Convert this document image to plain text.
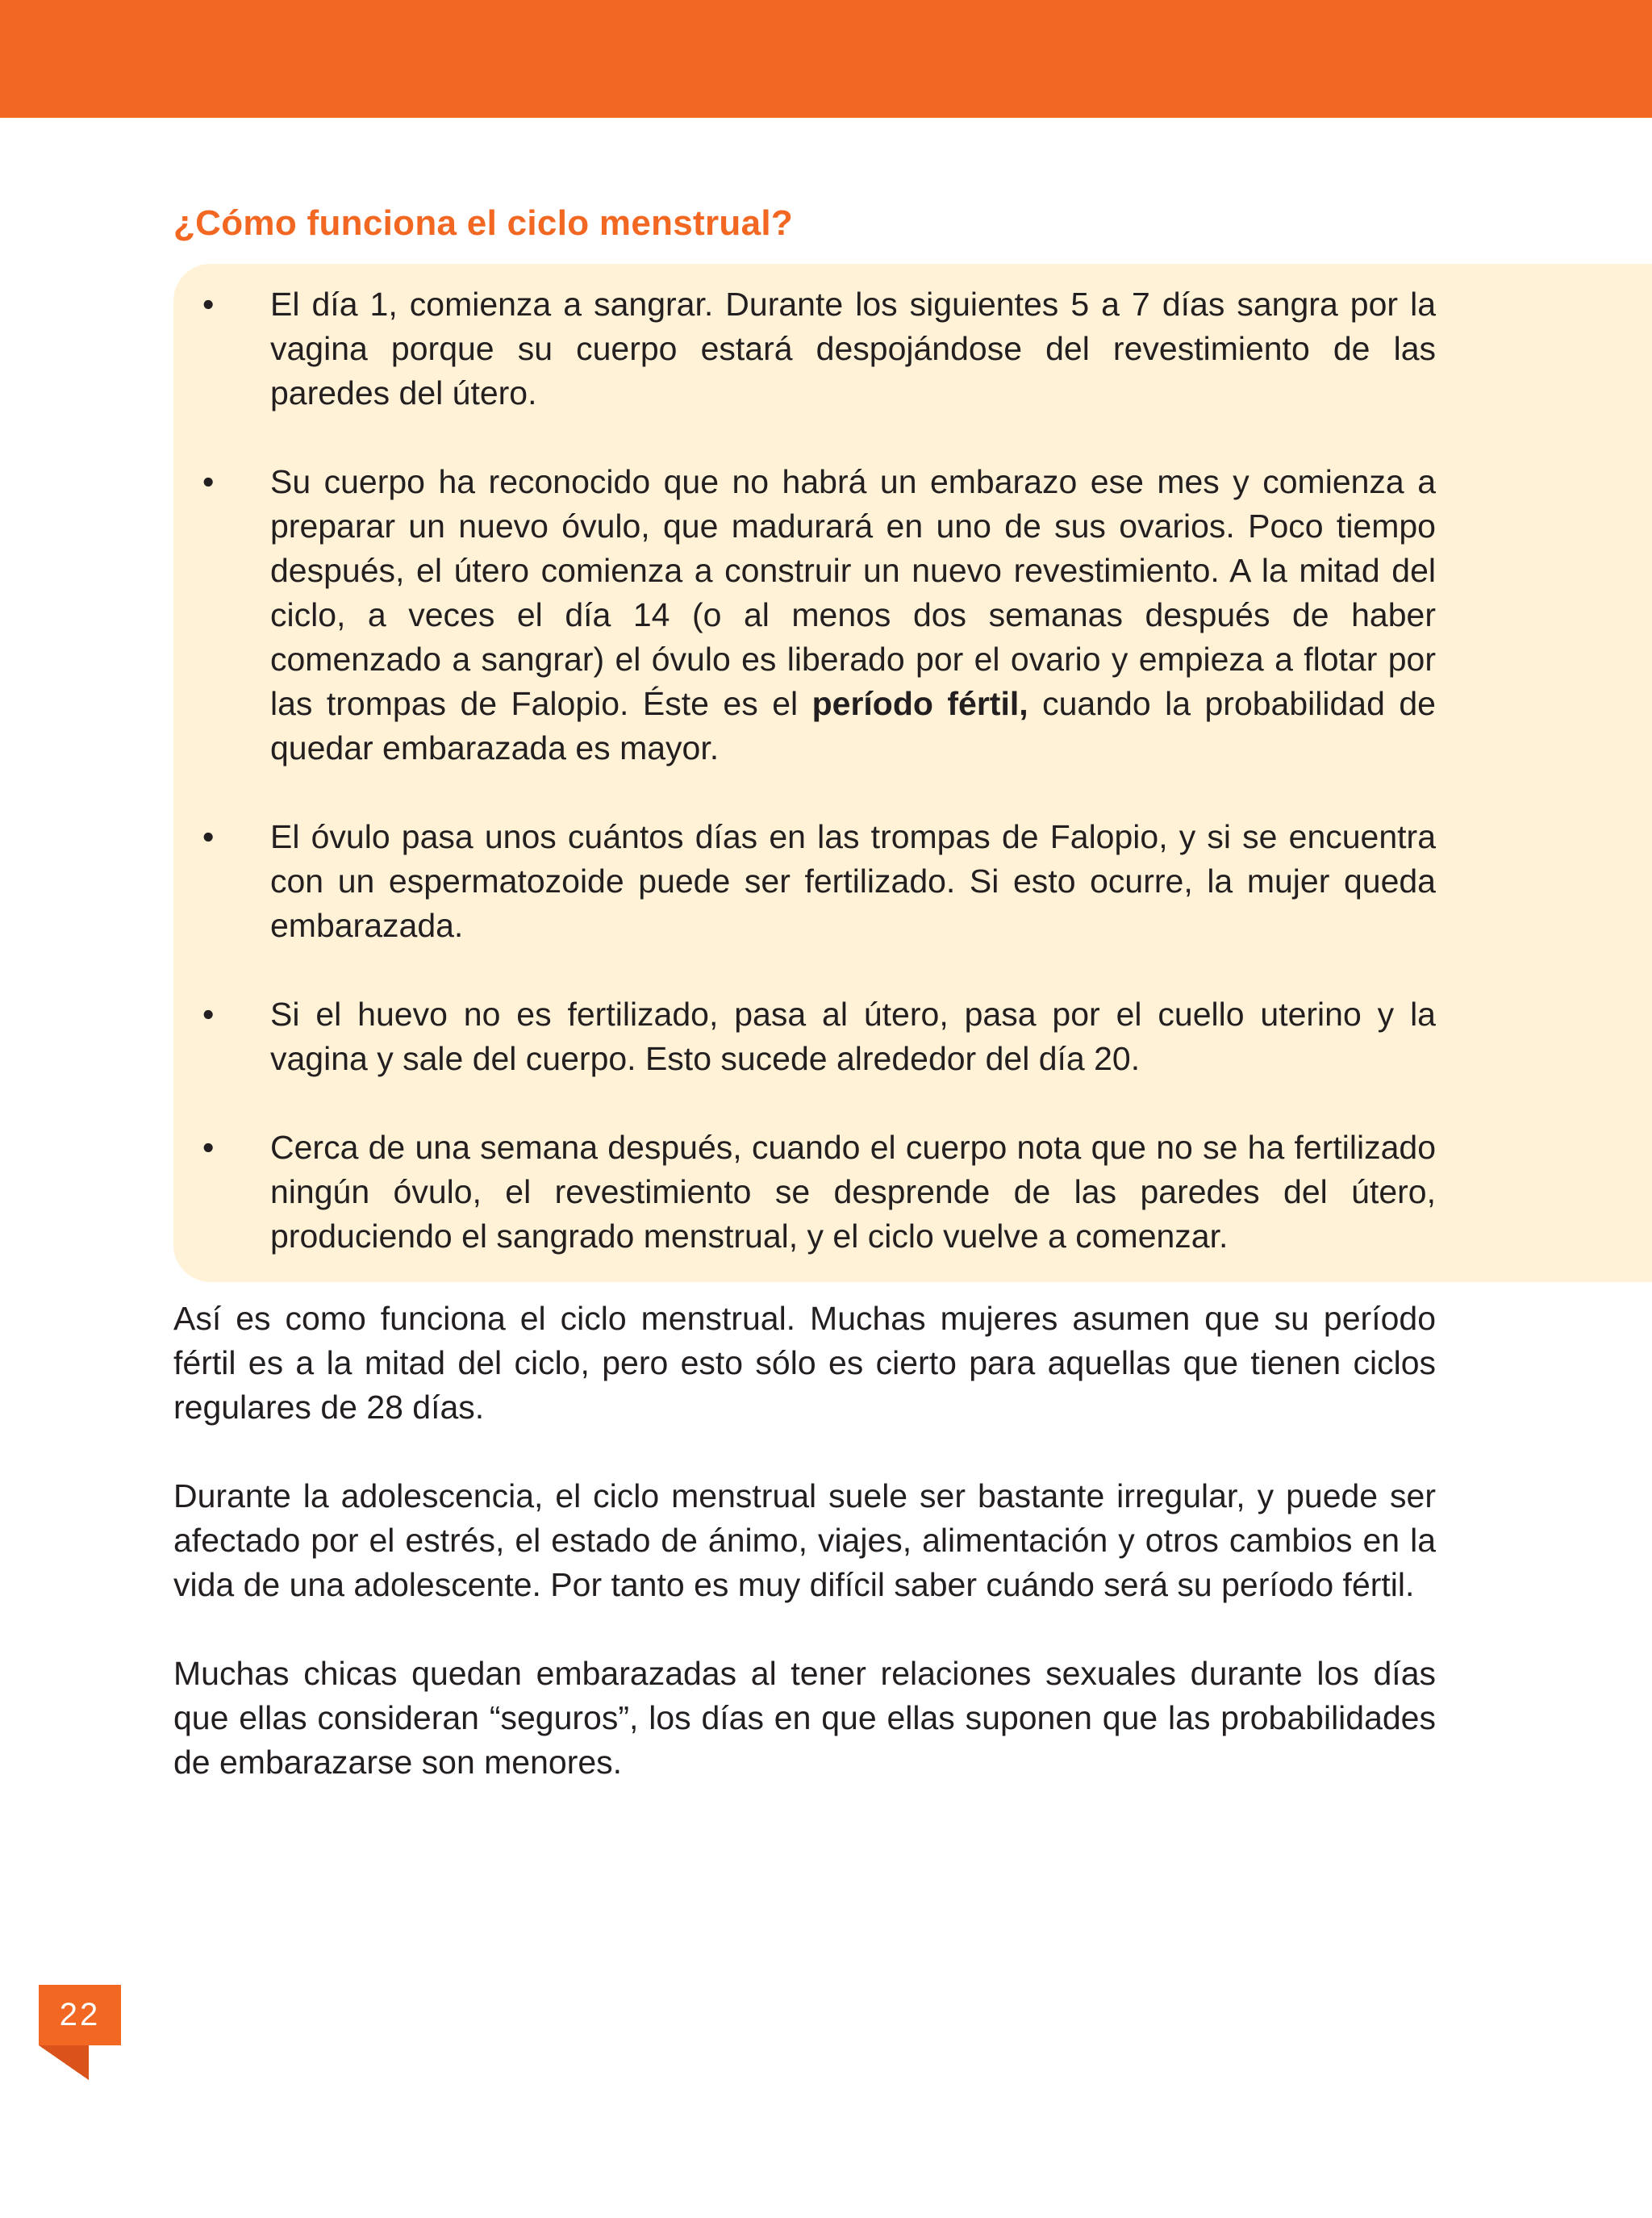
¿Cómo funciona el ciclo menstrual?
• El día 1, comienza a sangrar. Durante los siguientes 5 a 7 días sangra por la vagina porque su cuerpo estará despojándose del revestimiento de las paredes del útero.
• Su cuerpo ha reconocido que no habrá un embarazo ese mes y comienza a preparar un nuevo óvulo, que madurará en uno de sus ovarios. Poco tiempo después, el útero comienza a construir un nuevo revestimiento. A la mitad del ciclo, a veces el día 14 (o al menos dos semanas después de haber comenzado a sangrar) el óvulo es liberado por el ovario y empieza a flotar por las trompas de Falopio. Éste es el período fértil, cuando la probabilidad de quedar embarazada es mayor.
• El óvulo pasa unos cuántos días en las trompas de Falopio, y si se encuentra con un espermatozoide puede ser fertilizado. Si esto ocurre, la mujer queda embarazada.
• Si el huevo no es fertilizado, pasa al útero, pasa por el cuello uterino y la vagina y sale del cuerpo. Esto sucede alrededor del día 20.
• Cerca de una semana después, cuando el cuerpo nota que no se ha fertilizado ningún óvulo, el revestimiento se desprende de las paredes del útero, produciendo el sangrado menstrual, y el ciclo vuelve a comenzar.

Así es como funciona el ciclo menstrual. Muchas mujeres asumen que su período fértil es a la mitad del ciclo, pero esto sólo es cierto para aquellas que tienen ciclos regulares de 28 días.

Durante la adolescencia, el ciclo menstrual suele ser bastante irregular, y puede ser afectado por el estrés, el estado de ánimo, viajes, alimentación y otros cambios en la vida de una adolescente. Por tanto es muy difícil saber cuándo será su período fértil.

Muchas chicas quedan embarazadas al tener relaciones sexuales durante los días que ellas consideran “seguros”, los días en que ellas suponen que las probabilidades de embarazarse son menores.

22
